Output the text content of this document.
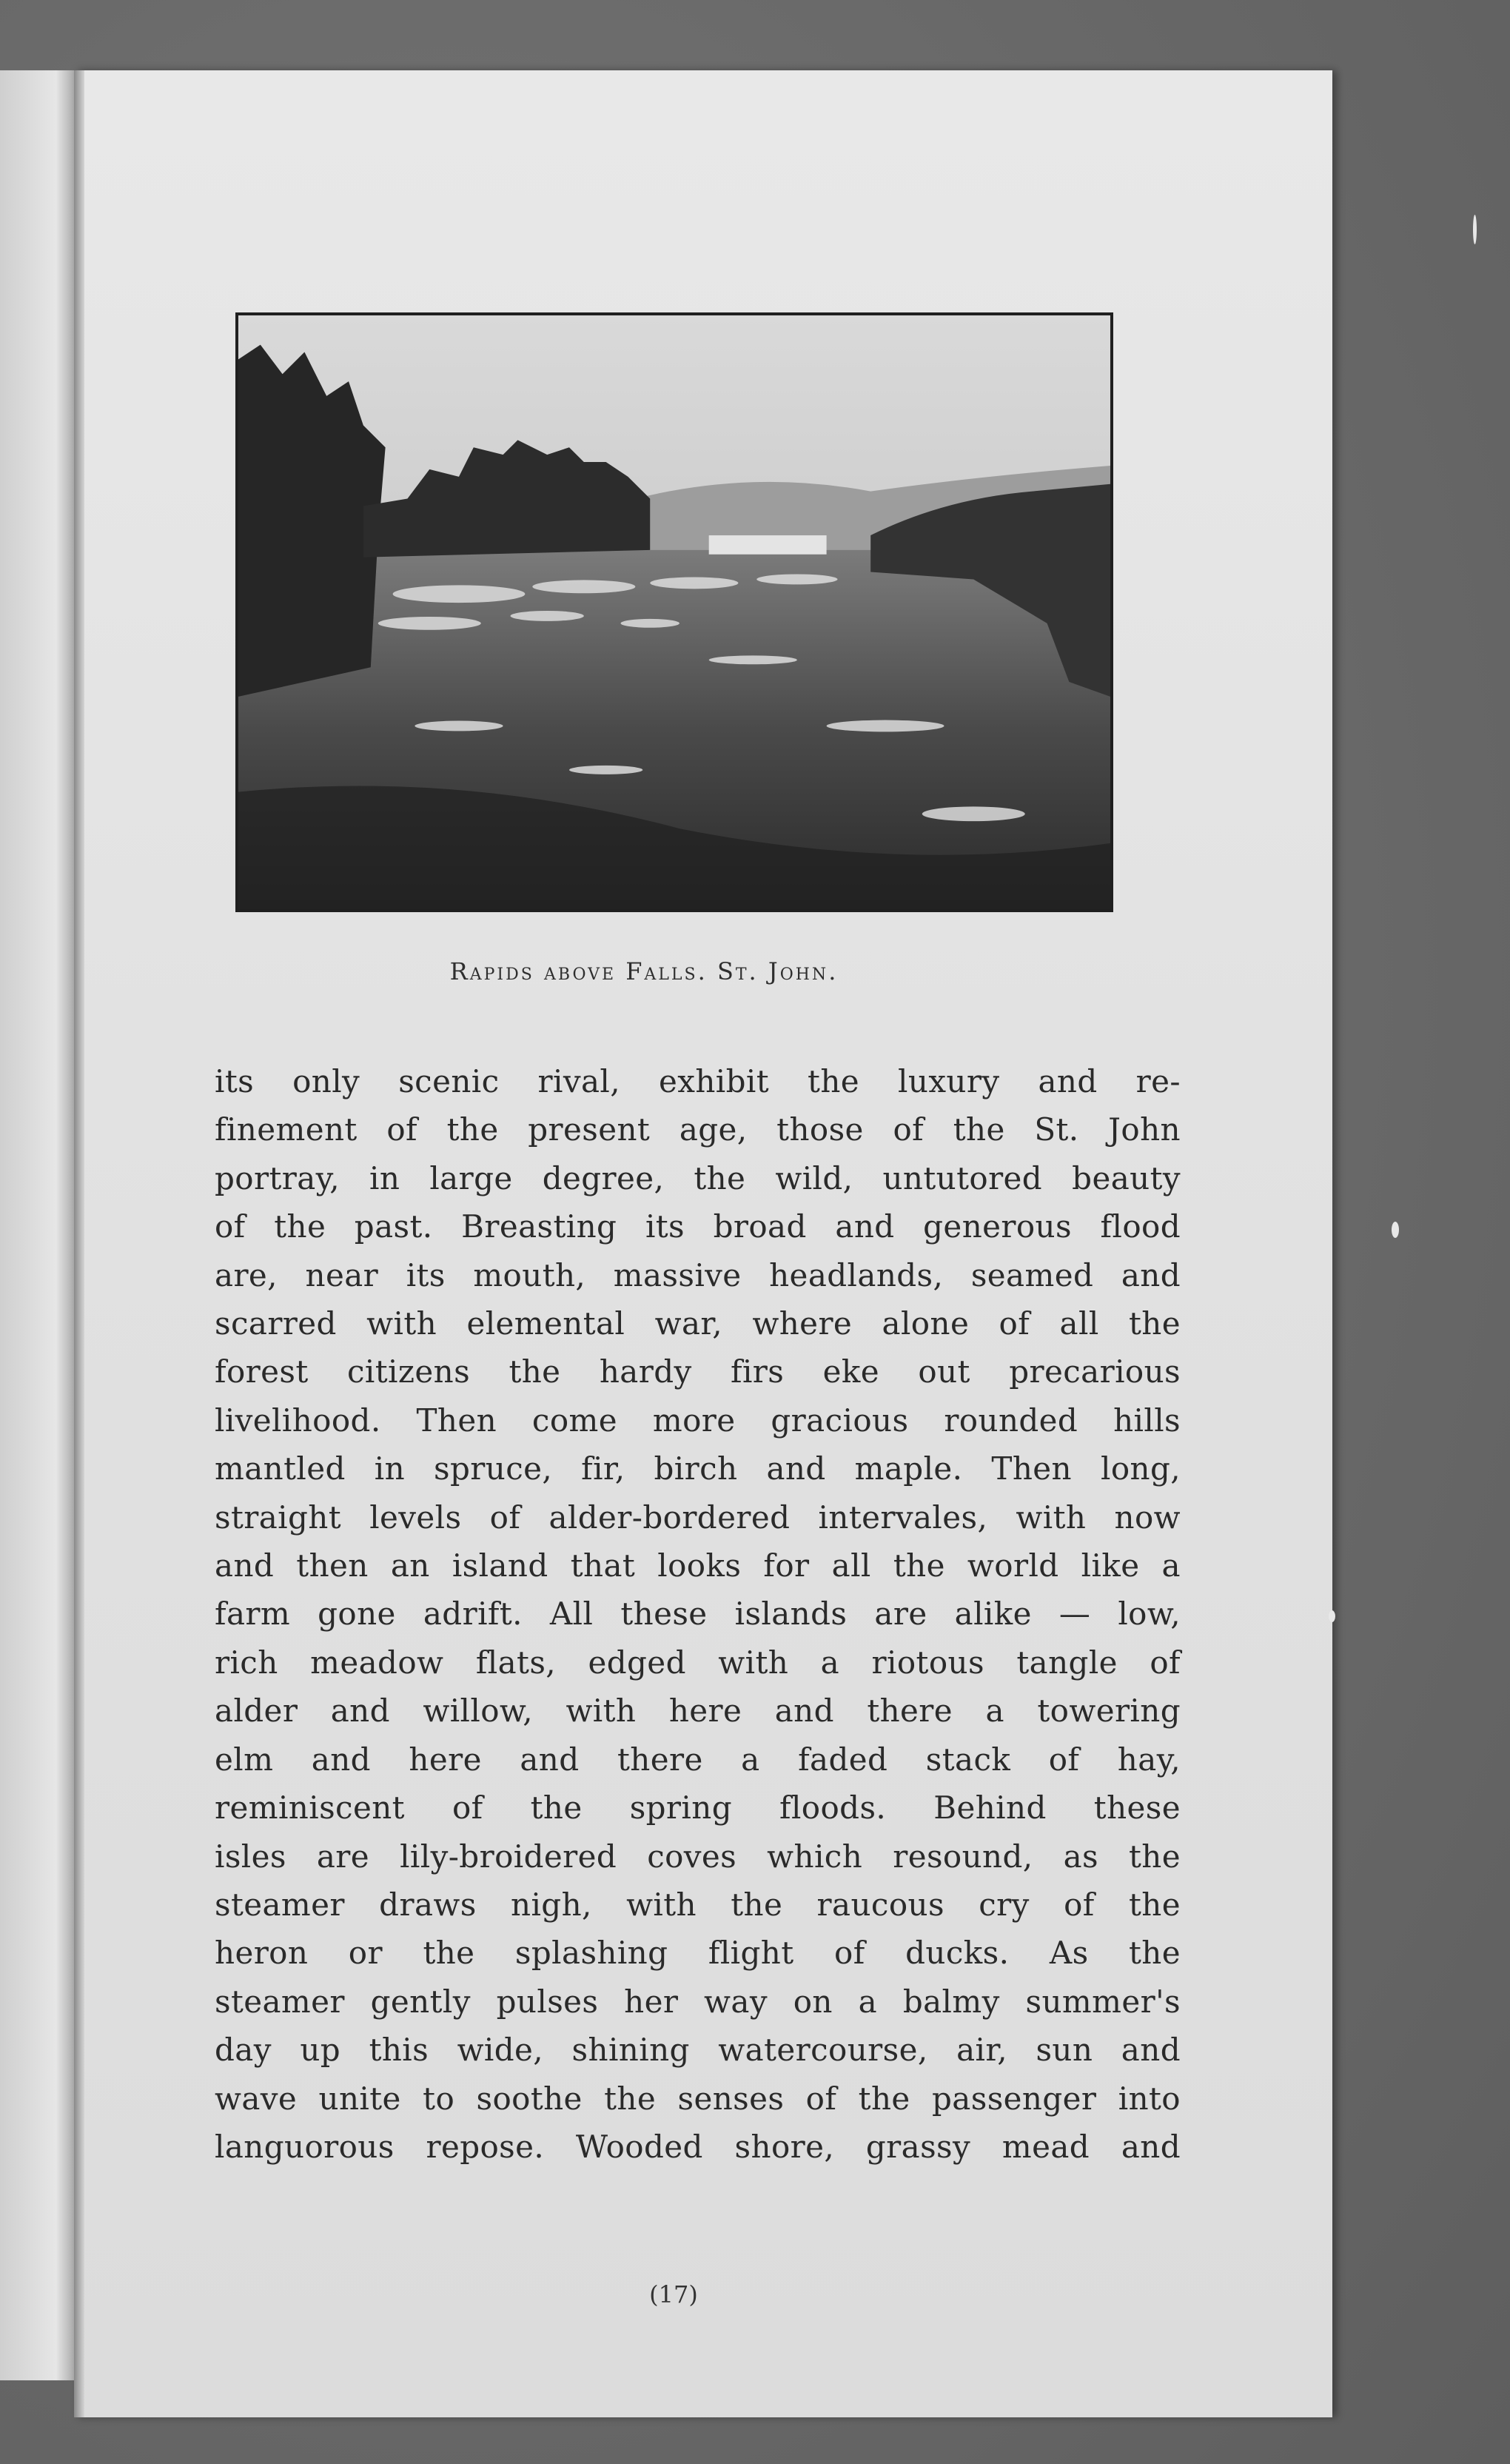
Rapids above Falls. St. John.
its only scenic rival, exhibit the luxury and re-
finement of the present age, those of the St. John
portray, in large degree, the wild, untutored beauty
of the past. Breasting its broad and generous flood
are, near its mouth, massive headlands, seamed and
scarred with elemental war, where alone of all the
forest citizens the hardy firs eke out precarious
livelihood. Then come more gracious rounded hills
mantled in spruce, fir, birch and maple. Then long,
straight levels of alder-bordered intervales, with now
and then an island that looks for all the world like a
farm gone adrift. All these islands are alike — low,
rich meadow flats, edged with a riotous tangle of
alder and willow, with here and there a towering
elm and here and there a faded stack of hay,
reminiscent of the spring floods. Behind these
isles are lily-broidered coves which resound, as the
steamer draws nigh, with the raucous cry of the
heron or the splashing flight of ducks. As the
steamer gently pulses her way on a balmy summer's
day up this wide, shining watercourse, air, sun and
wave unite to soothe the senses of the passenger into
languorous repose. Wooded shore, grassy mead and
(17)
